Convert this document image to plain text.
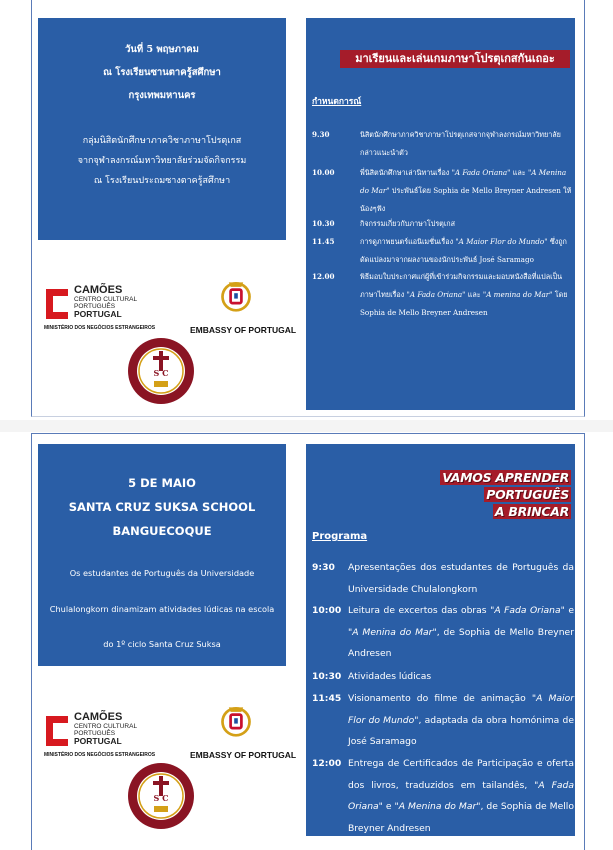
วันที่ 5 พฤษภาคม
ณ โรงเรียนซานตาครู้สศึกษา
กรุงเทพมหานคร
กลุ่มนิสิตนักศึกษาภาควิชาภาษาโปรตุเกส
จากจุฬาลงกรณ์มหาวิทยาลัยร่วมจัดกิจกรรม
ณ โรงเรียนประถมซางตาครู้สศึกษา
มาเรียนและเล่นเกมภาษาโปรตุเกสกันเถอะ
กำหนดการณ์
9.30	นิสิตนักศึกษาภาควิชาภาษาโปรตุเกสจากจุฬาลงกรณ์มหาวิทยาลัย กล่าวแนะนำตัว
10.00	พี่นิสิตนักศึกษาเล่านิทานเรื่อง "A Fada Oriana" และ "A Menina do Mar" ประพันธ์โดย Sophia de Mello Breyner Andresen ให้น้องๆฟัง
10.30	กิจกรรมเกี่ยวกับภาษาโปรตุเกส
11.45	การดูภาพยนตร์แอนิเมชั่นเรื่อง "A Maior Flor do Mundo" ซึ่งถูกดัดแปลงมาจากผลงานของนักประพันธ์ José Saramago
12.00	พิธีมอบใบประกาศแก่ผู้ที่เข้าร่วมกิจกรรมและมอบหนังสือที่แปลเป็นภาษาไทยเรื่อง "A Fada Oriana" และ "A menina do Mar" โดย Sophia de Mello Breyner Andresen
CAMÕES
CENTRO CULTURAL
PORTUGUÊS
PORTUGAL
MINISTÉRIO DOS NEGÓCIOS ESTRANGEIROS	EMBASSY OF PORTUGAL
S C
5 DE MAIO
SANTA CRUZ SUKSA SCHOOL
BANGUECOQUE
Os estudantes de Português da Universidade
Chulalongkorn dinamizam atividades lúdicas na escola
do 1º ciclo Santa Cruz Suksa
VAMOS APRENDER
PORTUGUÊS
A BRINCAR
Programa
9:30	Apresentações dos estudantes de Português da Universidade Chulalongkorn
10:00 Leitura de excertos das obras "A Fada Oriana" e "A Menina do Mar", de Sophia de Mello Breyner Andresen
10:30 Atividades lúdicas
11:45 Visionamento do filme de animação "A Maior Flor do Mundo", adaptada da obra homónima de José Saramago
12:00 Entrega de Certificados de Participação e oferta dos livros, traduzidos em tailandês, "A Fada Oriana" e "A Menina do Mar", de Sophia de Mello Breyner Andresen
CAMÕES
CENTRO CULTURAL
PORTUGUÊS
PORTUGAL
MINISTÉRIO DOS NEGÓCIOS ESTRANGEIROS	EMBASSY OF PORTUGAL
S C
